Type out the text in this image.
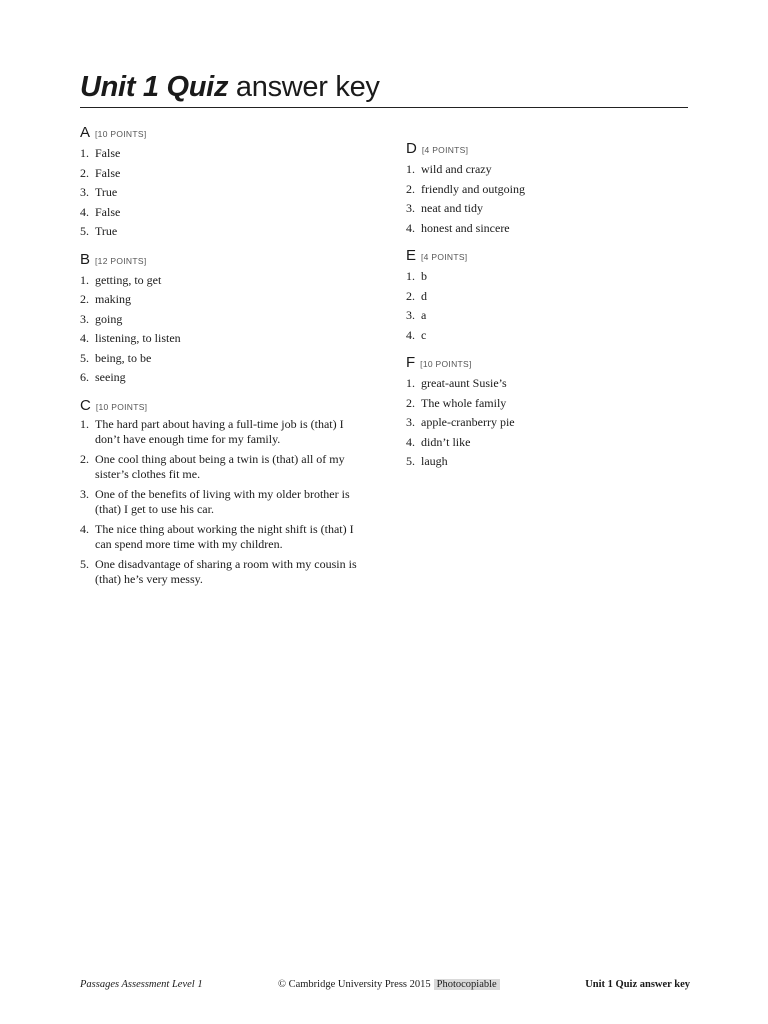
Unit 1 Quiz answer key
A [10 POINTS]
1. False
2. False
3. True
4. False
5. True
B [12 POINTS]
1. getting, to get
2. making
3. going
4. listening, to listen
5. being, to be
6. seeing
C [10 POINTS]
1. The hard part about having a full-time job is (that) I don’t have enough time for my family.
2. One cool thing about being a twin is (that) all of my sister’s clothes fit me.
3. One of the benefits of living with my older brother is (that) I get to use his car.
4. The nice thing about working the night shift is (that) I can spend more time with my children.
5. One disadvantage of sharing a room with my cousin is (that) he’s very messy.
D [4 POINTS]
1. wild and crazy
2. friendly and outgoing
3. neat and tidy
4. honest and sincere
E [4 POINTS]
1. b
2. d
3. a
4. c
F [10 POINTS]
1. great-aunt Susie’s
2. The whole family
3. apple-cranberry pie
4. didn’t like
5. laugh
Passages Assessment Level 1	© Cambridge University Press 2015 Photocopiable	Unit 1 Quiz answer key
